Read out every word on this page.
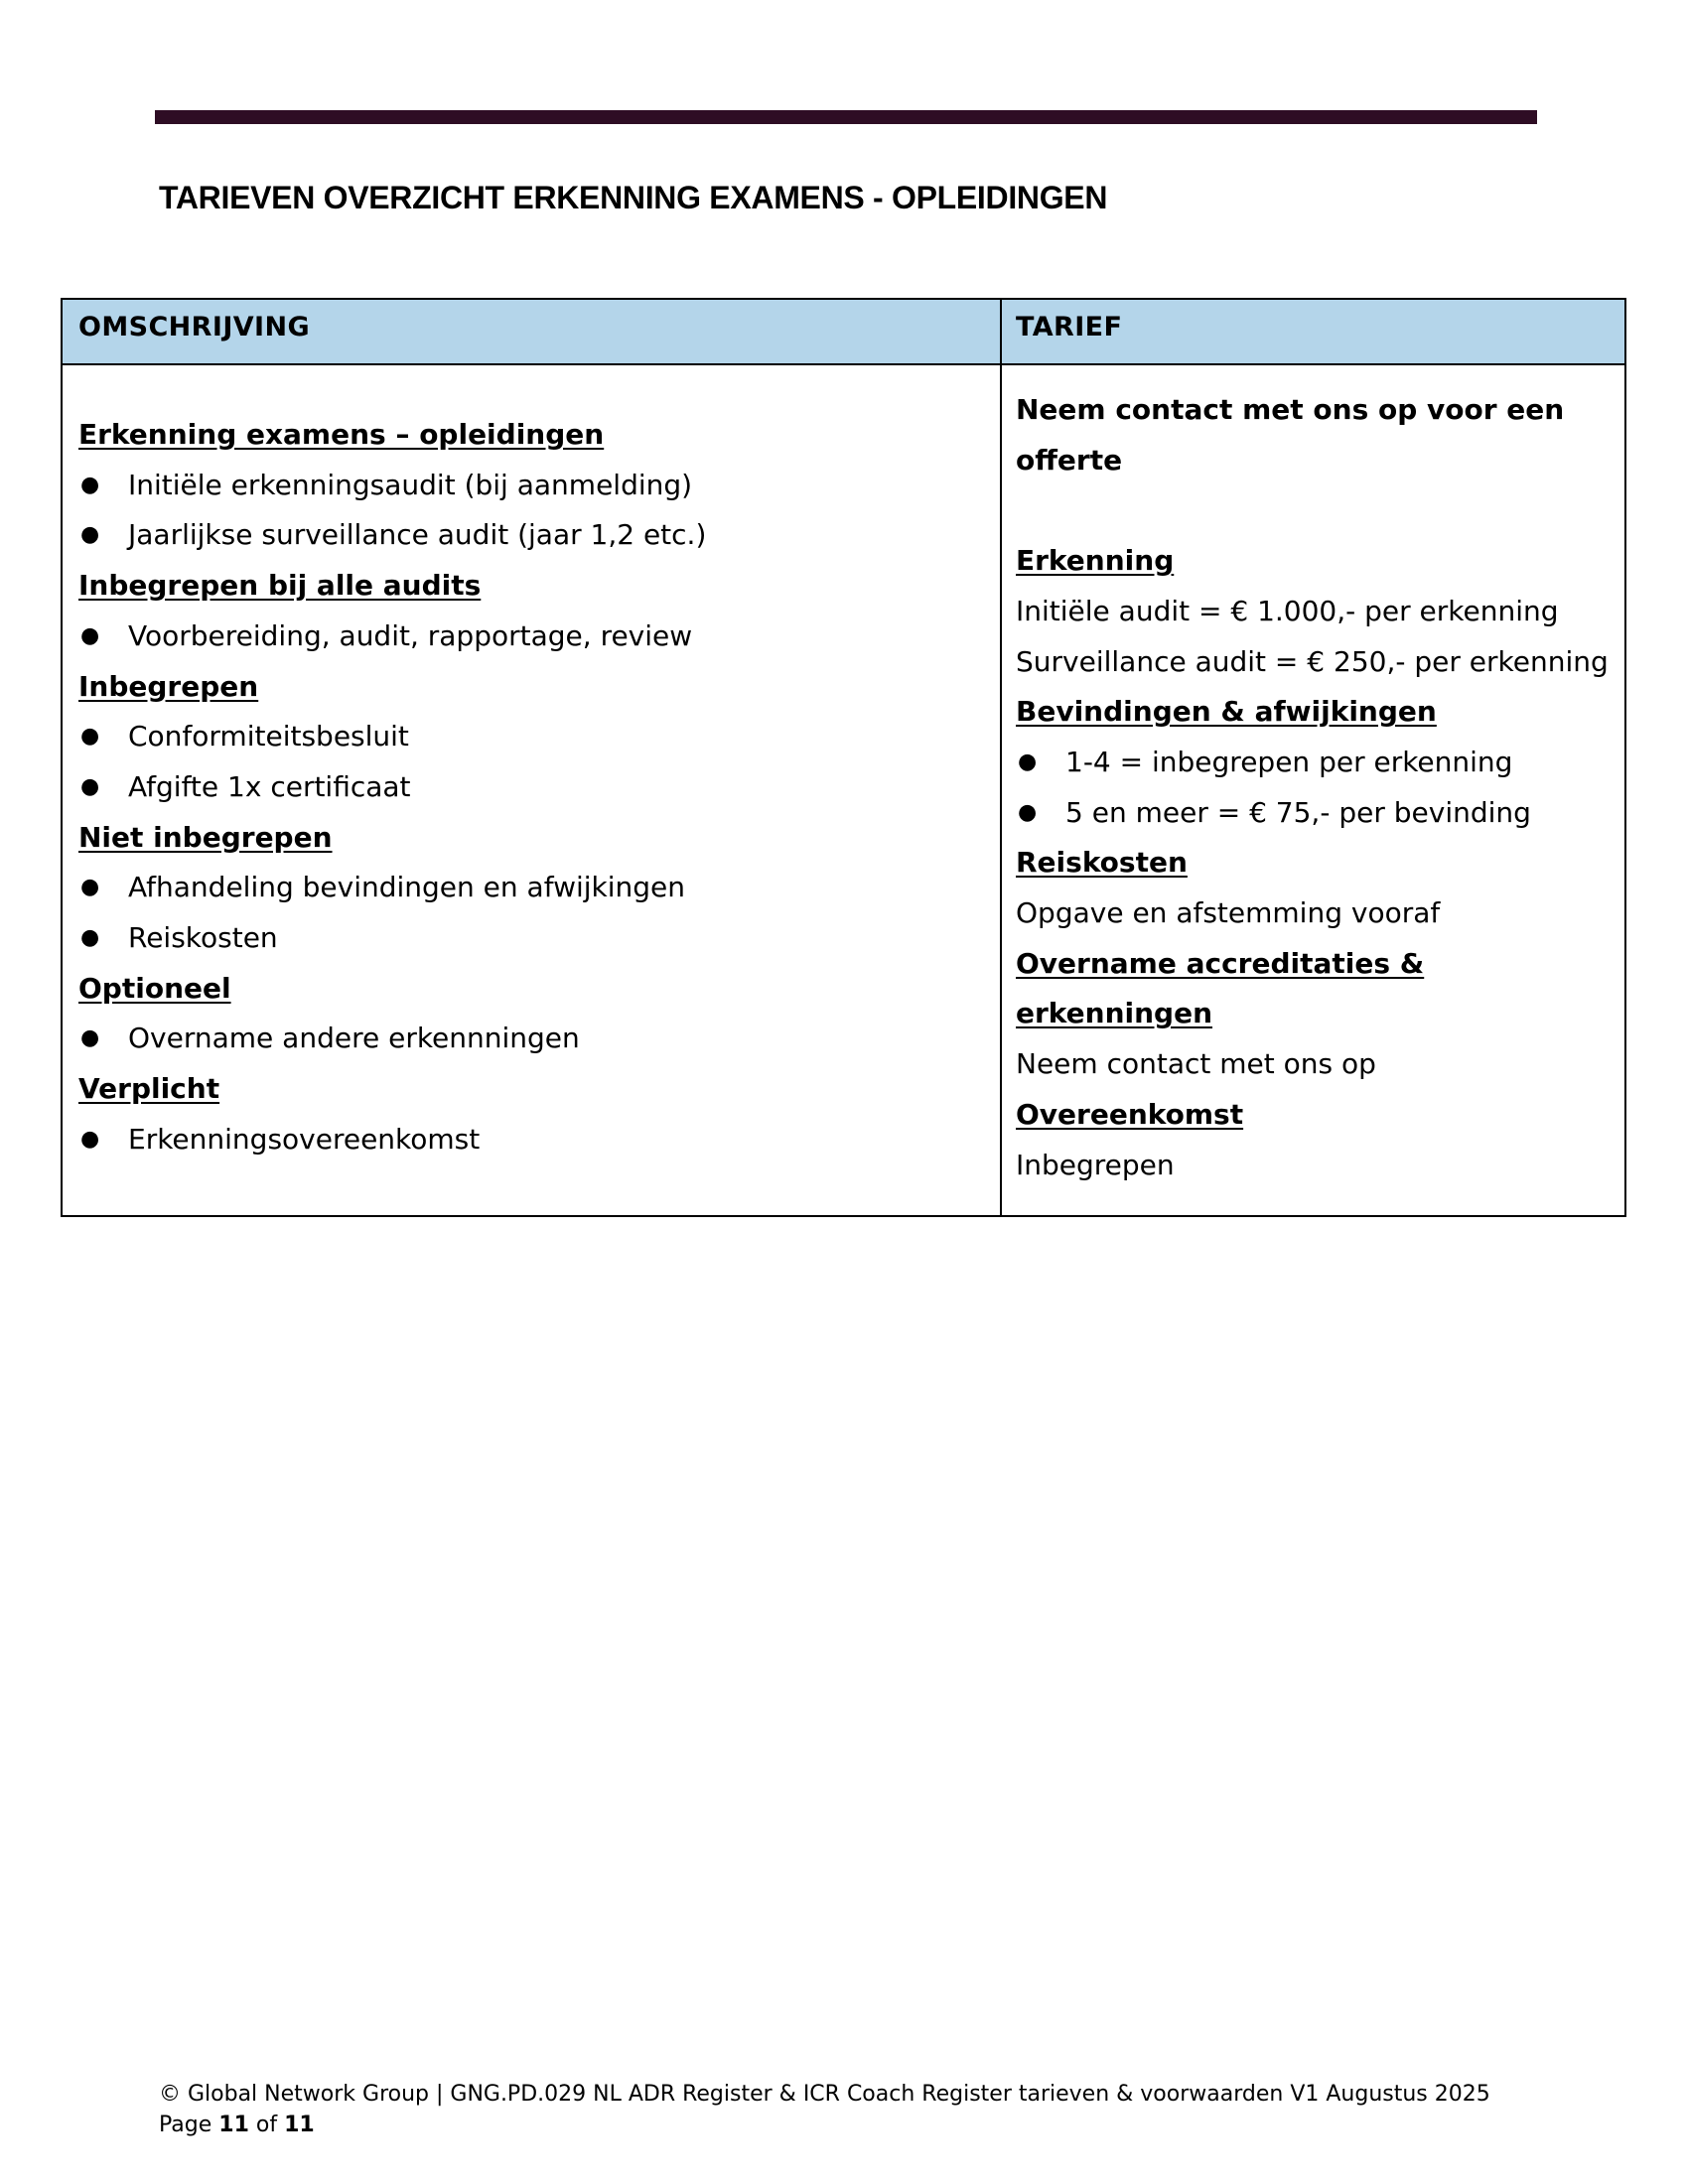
TARIEVEN OVERZICHT ERKENNING EXAMENS - OPLEIDINGEN
OMSCHRIJVING	TARIEF
Erkenning examens – opleidingen
● Initiële erkenningsaudit (bij aanmelding)
● Jaarlijkse surveillance audit (jaar 1,2 etc.)
Inbegrepen bij alle audits
● Voorbereiding, audit, rapportage, review
Inbegrepen
● Conformiteitsbesluit
● Afgifte 1x certificaat
Niet inbegrepen
● Afhandeling bevindingen en afwijkingen
● Reiskosten
Optioneel
● Overname andere erkennningen
Verplicht
● Erkenningsovereenkomst
Neem contact met ons op voor een
offerte
Erkenning
Initiële audit = € 1.000,- per erkenning
Surveillance audit = € 250,- per erkenning
Bevindingen & afwijkingen
● 1-4 = inbegrepen per erkenning
● 5 en meer = € 75,- per bevinding
Reiskosten
Opgave en afstemming vooraf
Overname accreditaties &
erkenningen
Neem contact met ons op
Overeenkomst
Inbegrepen
© Global Network Group | GNG.PD.029 NL ADR Register & ICR Coach Register tarieven & voorwaarden V1 Augustus 2025
Page 11 of 11
